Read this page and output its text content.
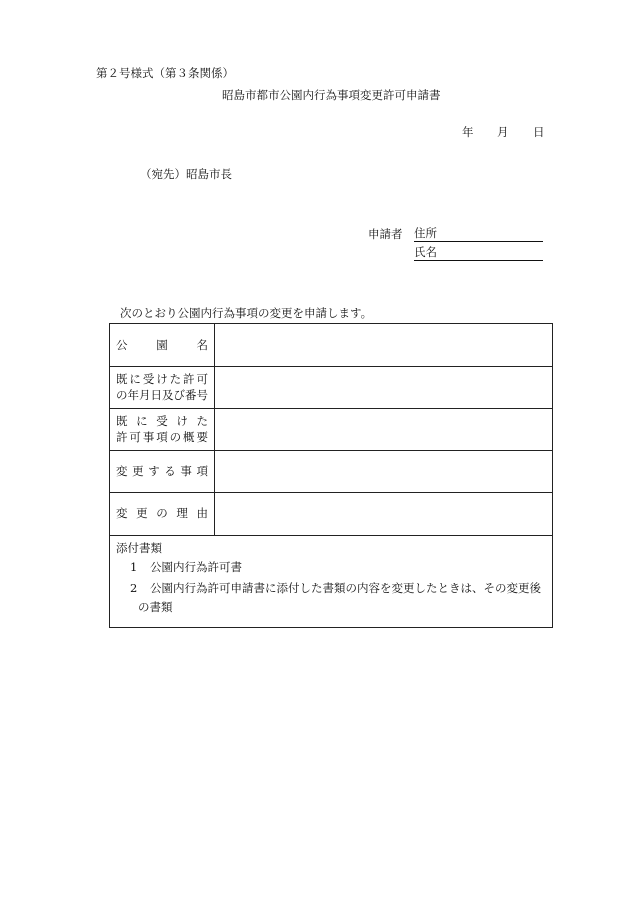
第２号様式（第３条関係）
昭島市都市公園内行為事項変更許可申請書
年 月 日
（宛先）昭島市長
申請者 住所
氏名
次のとおり公園内行為事項の変更を申請します。
公	園	名
既 に 受 け た 許 可
の 年 月 日 及 び 番 号
既 に 受 け た
許 可 事 項 の 概 要
変 更 す る 事 項
変 更 の 理 由
添付書類
1 公園内行為許可書
2 公園内行為許可申請書に添付した書類の内容を変更したときは、その変更後
の書類
